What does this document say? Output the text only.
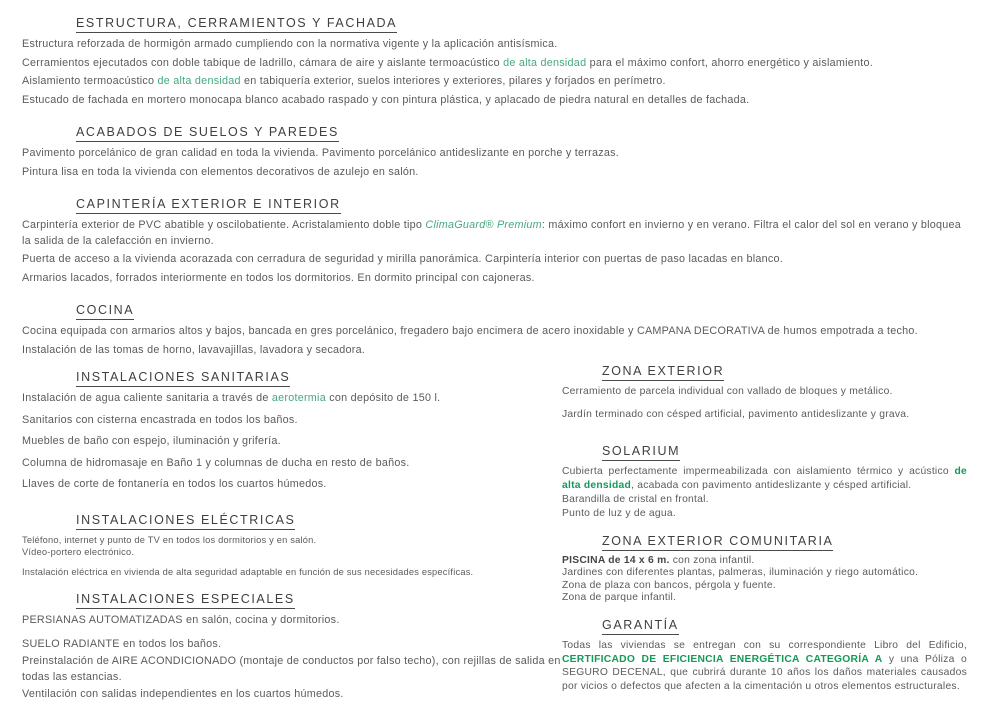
ESTRUCTURA, CERRAMIENTOS Y FACHADA

Estructura reforzada de hormigón armado cumpliendo con la normativa vigente y la aplicación antisísmica.

Cerramientos ejecutados con doble tabique de ladrillo, cámara de aire y aislante termoacústico de alta densidad para el máximo confort, ahorro energético y aislamiento.

Aislamiento termoacústico de alta densidad en tabiquería exterior, suelos interiores y exteriores, pilares y forjados en perímetro.

Estucado de fachada en mortero monocapa blanco acabado raspado y con pintura plástica, y aplacado de piedra natural en detalles de fachada.

ACABADOS DE SUELOS Y PAREDES

Pavimento porcelánico de gran calidad en toda la vivienda. Pavimento porcelánico antideslizante en porche y terrazas.

Pintura lisa en toda la vivienda con elementos decorativos de azulejo en salón.

CAPINTERÍA EXTERIOR E INTERIOR

Carpintería exterior de PVC abatible y oscilobatiente. Acristalamiento doble tipo ClimaGuard® Premium: máximo confort en invierno y en verano. Filtra el calor del sol en verano y bloquea la salida de la calefacción en invierno.

Puerta de acceso a la vivienda acorazada con cerradura de seguridad y mirilla panorámica. Carpintería interior con puertas de paso lacadas en blanco.

Armarios lacados, forrados interiormente en todos los dormitorios. En dormito principal con cajoneras.

COCINA

Cocina equipada con armarios altos y bajos, bancada en gres porcelánico, fregadero bajo encimera de acero inoxidable y CAMPANA DECORATIVA de humos empotrada a techo.

Instalación de las tomas de horno, lavavajillas, lavadora y secadora.

INSTALACIONES SANITARIAS

Instalación de agua caliente sanitaria a través de aerotermia con depósito de 150 l.

Sanitarios con cisterna encastrada en todos los baños.

Muebles de baño con espejo, iluminación y grifería.

Columna de hidromasaje en Baño 1 y columnas de ducha en resto de baños.

Llaves de corte de fontanería en todos los cuartos húmedos.

INSTALACIONES ELÉCTRICAS

Teléfono, internet y punto de TV en todos los dormitorios y en salón.

Vídeo-portero electrónico.

Instalación eléctrica en vivienda de alta seguridad adaptable en función de sus necesidades específicas.

INSTALACIONES ESPECIALES

PERSIANAS AUTOMATIZADAS en salón, cocina y dormitorios.

SUELO RADIANTE en todos los baños.

Preinstalación de AIRE ACONDICIONADO (montaje de conductos por falso techo), con rejillas de salida en todas las estancias.

Ventilación con salidas independientes en los cuartos húmedos.

ZONA EXTERIOR

Cerramiento de parcela individual con vallado de bloques y metálico.

Jardín terminado con césped artificial, pavimento antideslizante y grava.

SOLARIUM

Cubierta perfectamente impermeabilizada con aislamiento térmico y acústico de alta densidad, acabada con pavimento antideslizante y césped artificial.

Barandilla de cristal en frontal.

Punto de luz y de agua.

ZONA EXTERIOR COMUNITARIA

PISCINA de 14 x 6 m. con zona infantil.

Jardines con diferentes plantas, palmeras, iluminación y riego automático.

Zona de plaza con bancos, pérgola y fuente.

Zona de parque infantil.

GARANTÍA

Todas las viviendas se entregan con su correspondiente Libro del Edificio, CERTIFICADO DE EFICIENCIA ENERGÉTICA CATEGORÍA A y una Póliza o SEGURO DECENAL, que cubrirá durante 10 años los daños materiales causados por vicios o defectos que afecten a la cimentación u otros elementos estructurales.
